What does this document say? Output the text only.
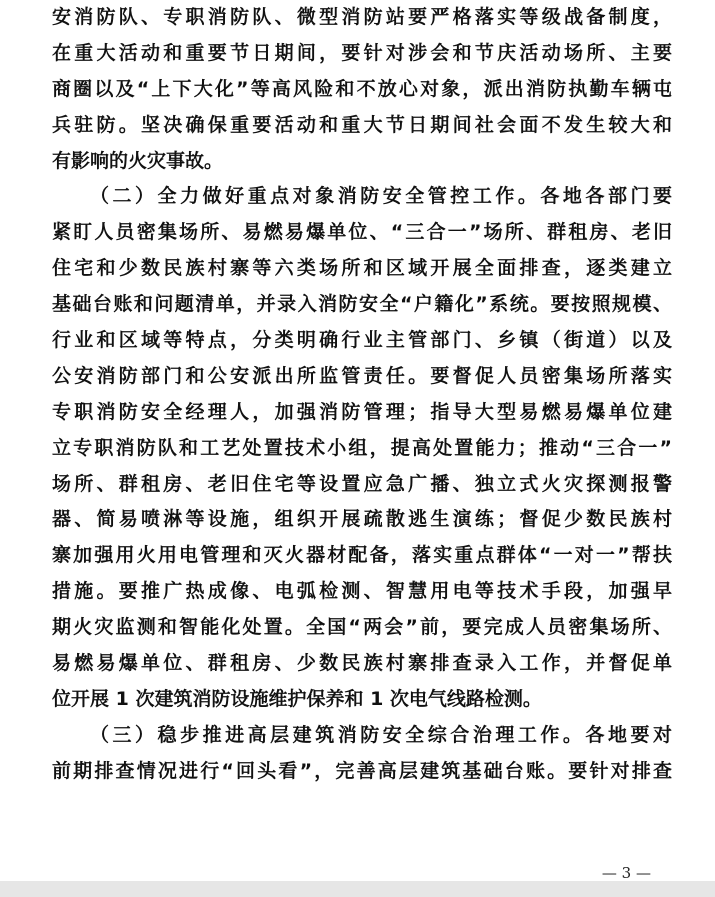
安消防队、专职消防队、微型消防站要严格落实等级战备制度，
在重大活动和重要节日期间，要针对涉会和节庆活动场所、主要
商圈以及“上下大化”等高风险和不放心对象，派出消防执勤车辆屯
兵驻防。坚决确保重要活动和重大节日期间社会面不发生较大和
有影响的火灾事故。
（二）全力做好重点对象消防安全管控工作。各地各部门要
紧盯人员密集场所、易燃易爆单位、“三合一”场所、群租房、老旧
住宅和少数民族村寨等六类场所和区域开展全面排查，逐类建立
基础台账和问题清单，并录入消防安全“户籍化”系统。要按照规模、
行业和区域等特点，分类明确行业主管部门、乡镇（街道）以及
公安消防部门和公安派出所监管责任。要督促人员密集场所落实
专职消防安全经理人，加强消防管理；指导大型易燃易爆单位建
立专职消防队和工艺处置技术小组，提高处置能力；推动“三合一”
场所、群租房、老旧住宅等设置应急广播、独立式火灾探测报警
器、简易喷淋等设施，组织开展疏散逃生演练；督促少数民族村
寨加强用火用电管理和灭火器材配备，落实重点群体“一对一”帮扶
措施。要推广热成像、电弧检测、智慧用电等技术手段，加强早
期火灾监测和智能化处置。全国“两会”前，要完成人员密集场所、
易燃易爆单位、群租房、少数民族村寨排查录入工作，并督促单
位开展 1 次建筑消防设施维护保养和 1 次电气线路检测。
（三）稳步推进高层建筑消防安全综合治理工作。各地要对
前期排查情况进行“回头看”，完善高层建筑基础台账。要针对排查
— 3 —
